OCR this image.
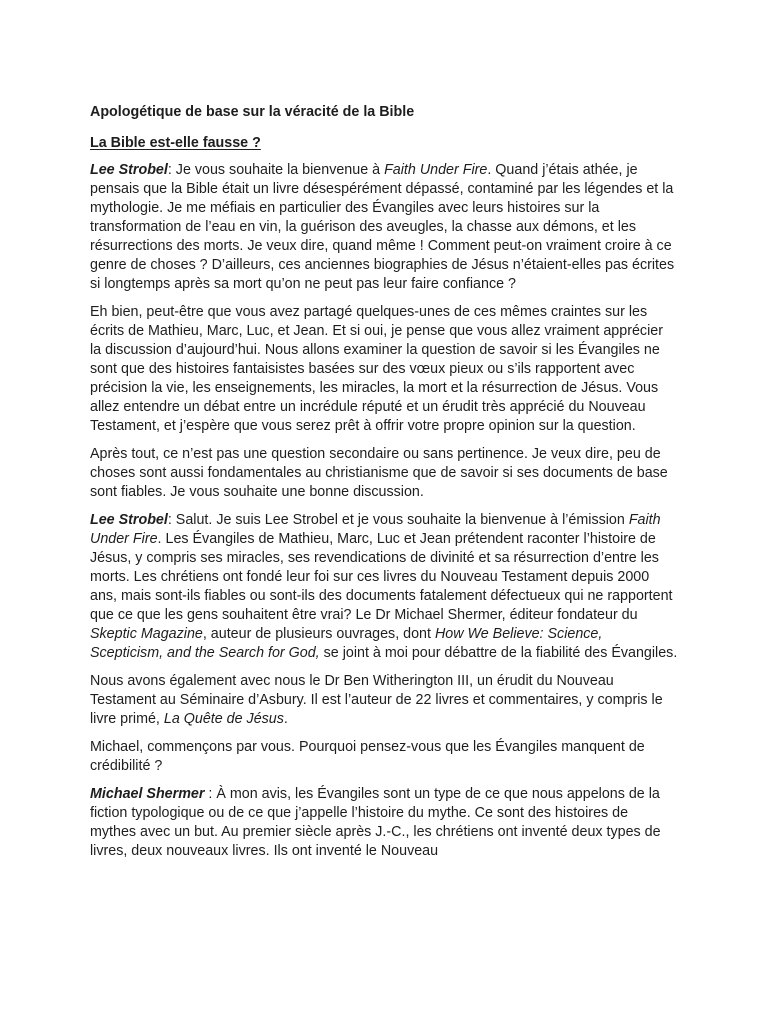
Apologétique de base sur la véracité de la Bible
La Bible est-elle fausse ?

Lee Strobel: Je vous souhaite la bienvenue à Faith Under Fire. Quand j’étais athée, je pensais que la Bible était un livre désespérément dépassé, contaminé par les légendes et la mythologie. Je me méfiais en particulier des Évangiles avec leurs histoires sur la transformation de l’eau en vin, la guérison des aveugles, la chasse aux démons, et les résurrections des morts. Je veux dire, quand même ! Comment peut-on vraiment croire à ce genre de choses ? D’ailleurs, ces anciennes biographies de Jésus n’étaient-elles pas écrites si longtemps après sa mort qu’on ne peut pas leur faire confiance ?

Eh bien, peut-être que vous avez partagé quelques-unes de ces mêmes craintes sur les écrits de Mathieu, Marc, Luc, et Jean. Et si oui, je pense que vous allez vraiment apprécier la discussion d’aujourd’hui. Nous allons examiner la question de savoir si les Évangiles ne sont que des histoires fantaisistes basées sur des vœux pieux ou s’ils rapportent avec précision la vie, les enseignements, les miracles, la mort et la résurrection de Jésus. Vous allez entendre un débat entre un incrédule réputé et un érudit très apprécié du Nouveau Testament, et j’espère que vous serez prêt à offrir votre propre opinion sur la question.

Après tout, ce n’est pas une question secondaire ou sans pertinence. Je veux dire, peu de choses sont aussi fondamentales au christianisme que de savoir si ses documents de base sont fiables. Je vous souhaite une bonne discussion.

Lee Strobel: Salut. Je suis Lee Strobel et je vous souhaite la bienvenue à l’émission Faith Under Fire. Les Évangiles de Mathieu, Marc, Luc et Jean prétendent raconter l’histoire de Jésus, y compris ses miracles, ses revendications de divinité et sa résurrection d’entre les morts. Les chrétiens ont fondé leur foi sur ces livres du Nouveau Testament depuis 2000 ans, mais sont-ils fiables ou sont-ils des documents fatalement défectueux qui ne rapportent que ce que les gens souhaitent être vrai? Le Dr Michael Shermer, éditeur fondateur du Skeptic Magazine, auteur de plusieurs ouvrages, dont How We Believe: Science, Scepticism, and the Search for God, se joint à moi pour débattre de la fiabilité des Évangiles.

Nous avons également avec nous le Dr Ben Witherington III, un érudit du Nouveau Testament au Séminaire d’Asbury. Il est l’auteur de 22 livres et commentaires, y compris le livre primé, La Quête de Jésus.

Michael, commençons par vous. Pourquoi pensez-vous que les Évangiles manquent de crédibilité ?

Michael Shermer : À mon avis, les Évangiles sont un type de ce que nous appelons de la fiction typologique ou de ce que j’appelle l’histoire du mythe. Ce sont des histoires de mythes avec un but. Au premier siècle après J.-C., les chrétiens ont inventé deux types de livres, deux nouveaux livres. Ils ont inventé le Nouveau
